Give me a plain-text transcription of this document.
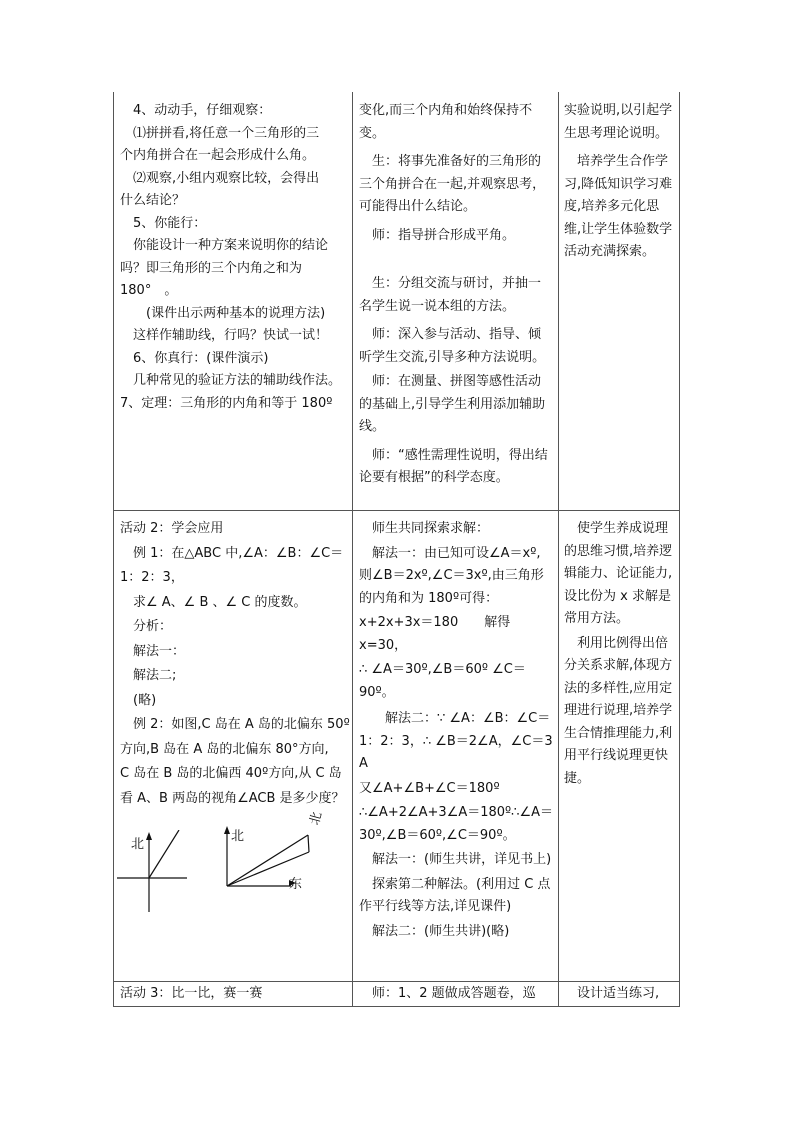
　4、动动手，仔细观察：

　⑴拼拼看,将任意一个三角形的三

个内角拼合在一起会形成什么角。

　⑵观察,小组内观察比较，会得出

什么结论？

　5、你能行：

　你能设计一种方案来说明你的结论

吗？即三角形的三个内角之和为

180°　。

　　(课件出示两种基本的说理方法)

　这样作辅助线，行吗？快试一试！

　6、你真行：(课件演示)

　几种常见的验证方法的辅助线作法。

7、定理：三角形的内角和等于 180º

变化,而三个内角和始终保持不变。

　生：将事先准备好的三角形的三个角拼合在一起,并观察思考，可能得出什么结论。

　师：指导拼合形成平角。

　生：分组交流与研讨，并抽一名学生说一说本组的方法。

　师：深入参与活动、指导、倾听学生交流,引导多种方法说明。

　师：在测量、拼图等感性活动的基础上,引导学生利用添加辅助线。

　师：“感性需理性说明，得出结论要有根据”的科学态度。

实验说明,以引起学生思考理论说明。

　培养学生合作学习,降低知识学习难度,培养多元化思维,让学生体验数学活动充满探索。

活动 2：学会应用

　例 1：在△ABC 中,∠A：∠B：∠C＝

1：2：3，

　求∠ A、∠ B 、∠ C 的度数。

　分析：

　解法一：

　解法二;

　(略)

　例 2：如图,C 岛在 A 岛的北偏东 50º

方向,B 岛在 A 岛的北偏东 80°方向,

C 岛在 B 岛的北偏西 40º方向,从 C 岛

看 A、B 两岛的视角∠ACB 是多少度？

北
北
北
东

　师生共同探索求解：

　解法一：由已知可设∠A＝xº,则∠B＝2xº,∠C＝3xº,由三角形的内角和为 180º可得：

x+2x+3x＝180　　解得 x=30，

∴ ∠A＝30º,∠B＝60º ∠C＝90º。

　　解法二：∵ ∠A：∠B：∠C＝1：2：3，∴ ∠B＝2∠A，∠C＝3 A

又∠A+∠B+∠C＝180º

∴∠A+2∠A+3∠A＝180º∴∠A＝30º,∠B＝60º,∠C＝90º。

　解法一：(师生共讲，详见书上)

　探索第二种解法。(利用过 C 点作平行线等方法,详见课件)

　解法二：(师生共讲)(略)

　使学生养成说理的思维习惯,培养逻辑能力、论证能力,设比份为 x 求解是常用方法。

　利用比例得出倍分关系求解,体现方法的多样性,应用定理进行说理,培养学生合情推理能力,利用平行线说理更快捷。

活动 3：比一比，赛一赛	　师：1、2 题做成答题卷，巡	　设计适当练习,
